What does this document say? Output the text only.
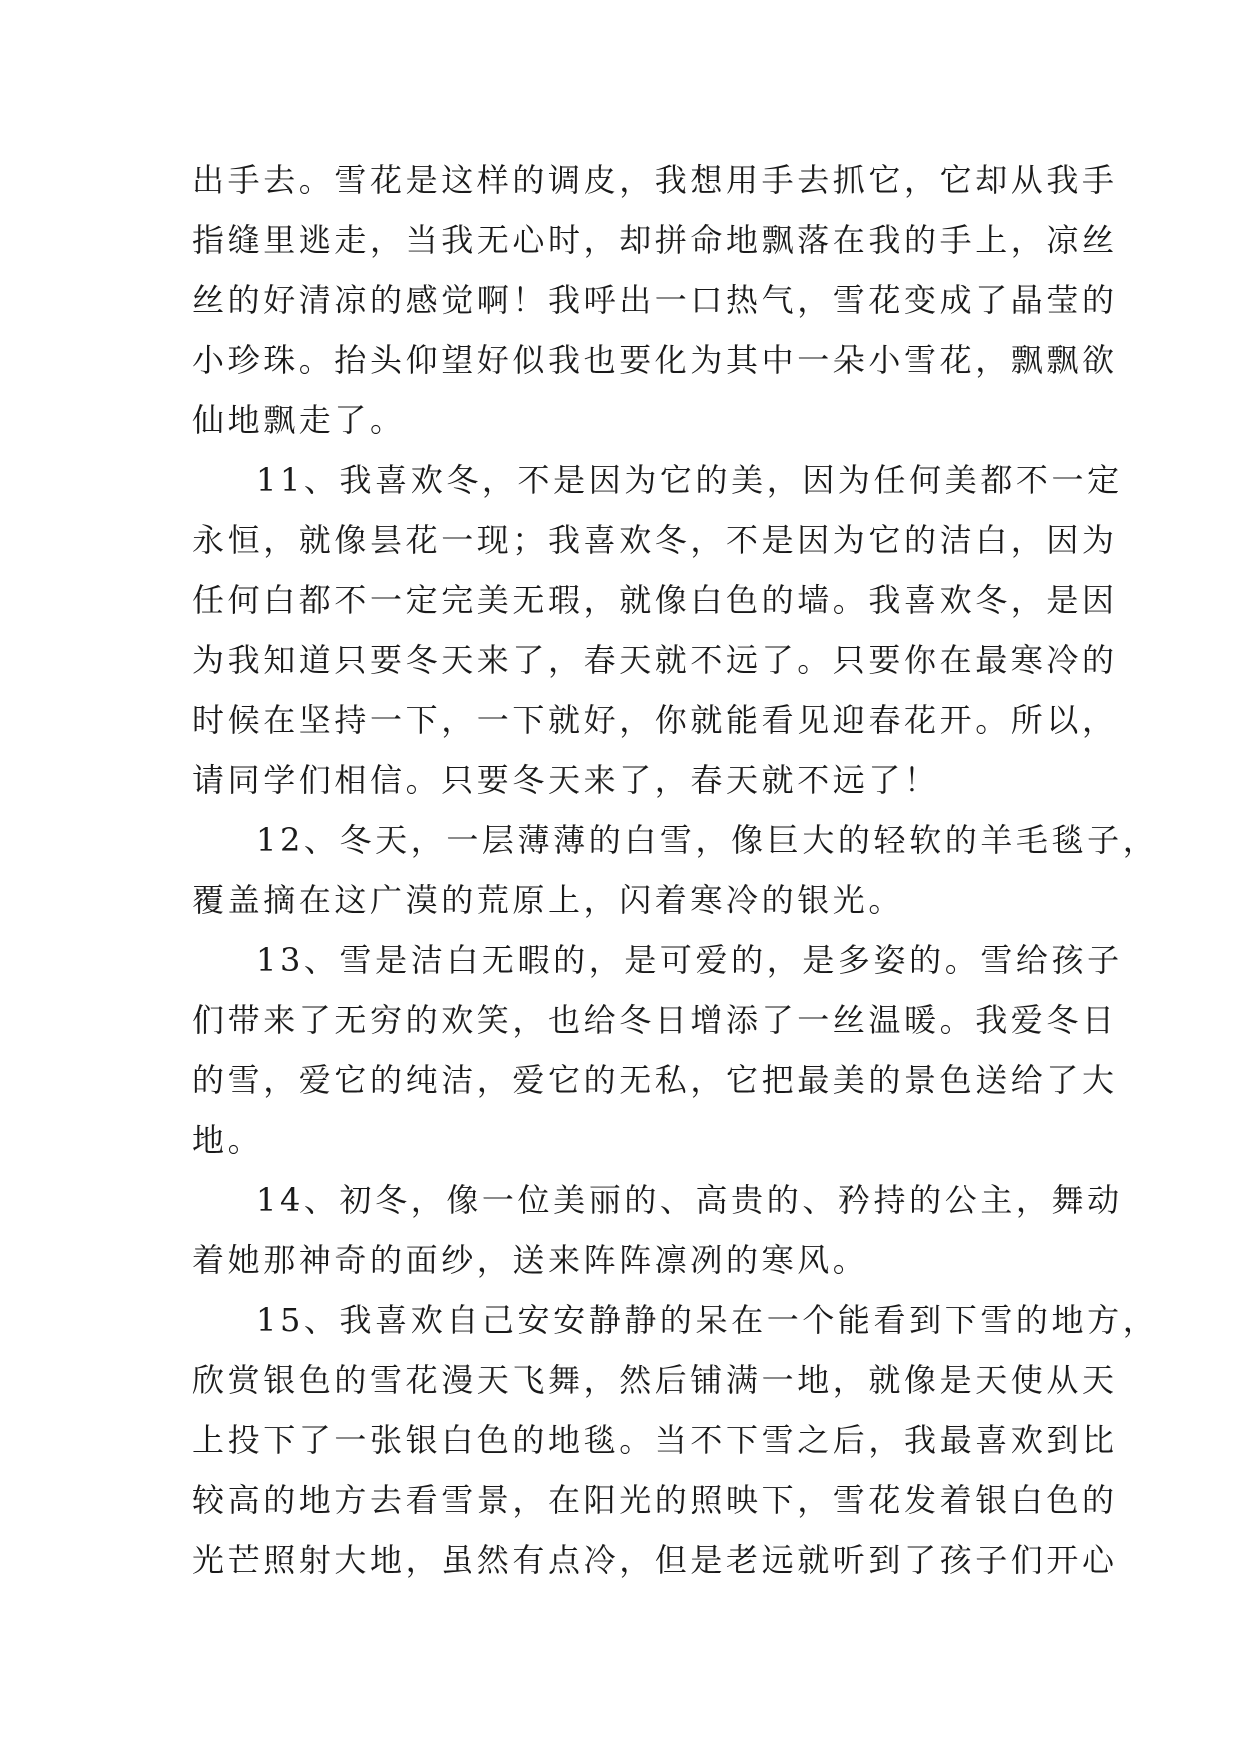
出手去。雪花是这样的调皮，我想用手去抓它，它却从我手
指缝里逃走，当我无心时，却拼命地飘落在我的手上，凉丝
丝的好清凉的感觉啊！我呼出一口热气，雪花变成了晶莹的
小珍珠。抬头仰望好似我也要化为其中一朵小雪花，飘飘欲
仙地飘走了。
11、我喜欢冬，不是因为它的美，因为任何美都不一定
永恒，就像昙花一现；我喜欢冬，不是因为它的洁白，因为
任何白都不一定完美无瑕，就像白色的墙。我喜欢冬，是因
为我知道只要冬天来了，春天就不远了。只要你在最寒冷的
时候在坚持一下，一下就好，你就能看见迎春花开。所以，
请同学们相信。只要冬天来了，春天就不远了！
12、冬天，一层薄薄的白雪，像巨大的轻软的羊毛毯子，
覆盖摘在这广漠的荒原上，闪着寒冷的银光。
13、雪是洁白无暇的，是可爱的，是多姿的。雪给孩子
们带来了无穷的欢笑，也给冬日增添了一丝温暖。我爱冬日
的雪，爱它的纯洁，爱它的无私，它把最美的景色送给了大
地。
14、初冬，像一位美丽的、高贵的、矜持的公主，舞动
着她那神奇的面纱，送来阵阵凛冽的寒风。
15、我喜欢自己安安静静的呆在一个能看到下雪的地方，
欣赏银色的雪花漫天飞舞，然后铺满一地，就像是天使从天
上投下了一张银白色的地毯。当不下雪之后，我最喜欢到比
较高的地方去看雪景，在阳光的照映下，雪花发着银白色的
光芒照射大地，虽然有点冷，但是老远就听到了孩子们开心
